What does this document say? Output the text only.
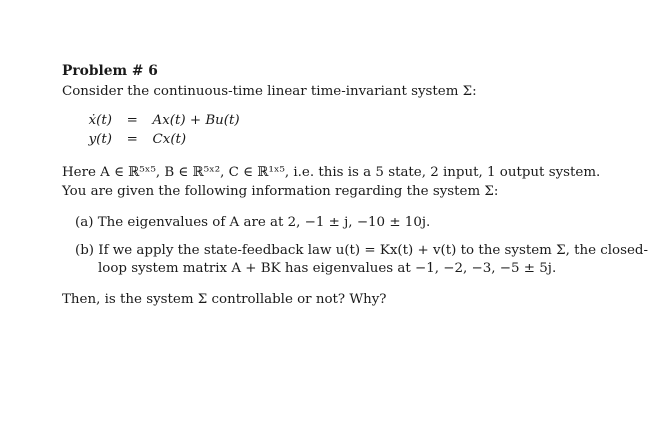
Problem # 6
Consider the continuous-time linear time-invariant system Σ:
ẋ(t) = Ax(t) + Bu(t)
y(t) = Cx(t)
Here A ∈ ℝ⁵ˣ⁵, B ∈ ℝ⁵ˣ², C ∈ ℝ¹ˣ⁵, i.e. this is a 5 state, 2 input, 1 output system.
You are given the following information regarding the system Σ:
(a) The eigenvalues of A are at 2, −1 ± j, −10 ± 10j.
(b) If we apply the state-feedback law u(t) = Kx(t) + v(t) to the system Σ, the closed-
loop system matrix A + BK has eigenvalues at −1, −2, −3, −5 ± 5j.
Then, is the system Σ controllable or not? Why?
